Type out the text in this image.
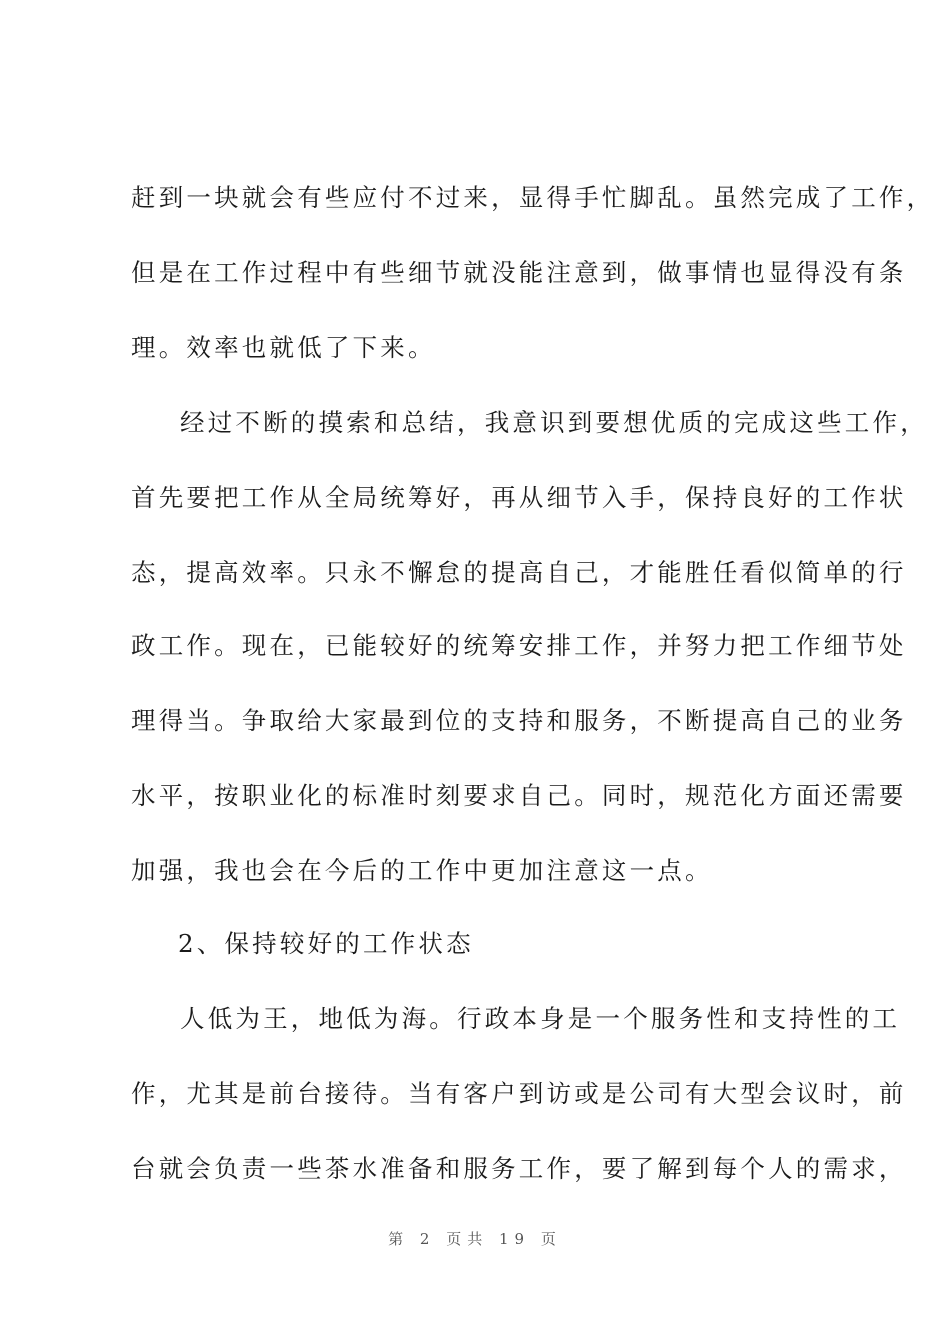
赶到一块就会有些应付不过来，显得手忙脚乱。虽然完成了工作，
但是在工作过程中有些细节就没能注意到，做事情也显得没有条
理。效率也就低了下来。
经过不断的摸索和总结，我意识到要想优质的完成这些工作，
首先要把工作从全局统筹好，再从细节入手，保持良好的工作状
态，提高效率。只永不懈怠的提高自己，才能胜任看似简单的行
政工作。现在，已能较好的统筹安排工作，并努力把工作细节处
理得当。争取给大家最到位的支持和服务，不断提高自己的业务
水平，按职业化的标准时刻要求自己。同时，规范化方面还需要
加强，我也会在今后的工作中更加注意这一点。
2、保持较好的工作状态
人低为王，地低为海。行政本身是一个服务性和支持性的工
作，尤其是前台接待。当有客户到访或是公司有大型会议时，前
台就会负责一些茶水准备和服务工作，要了解到每个人的需求，
第 2 页共 19 页
